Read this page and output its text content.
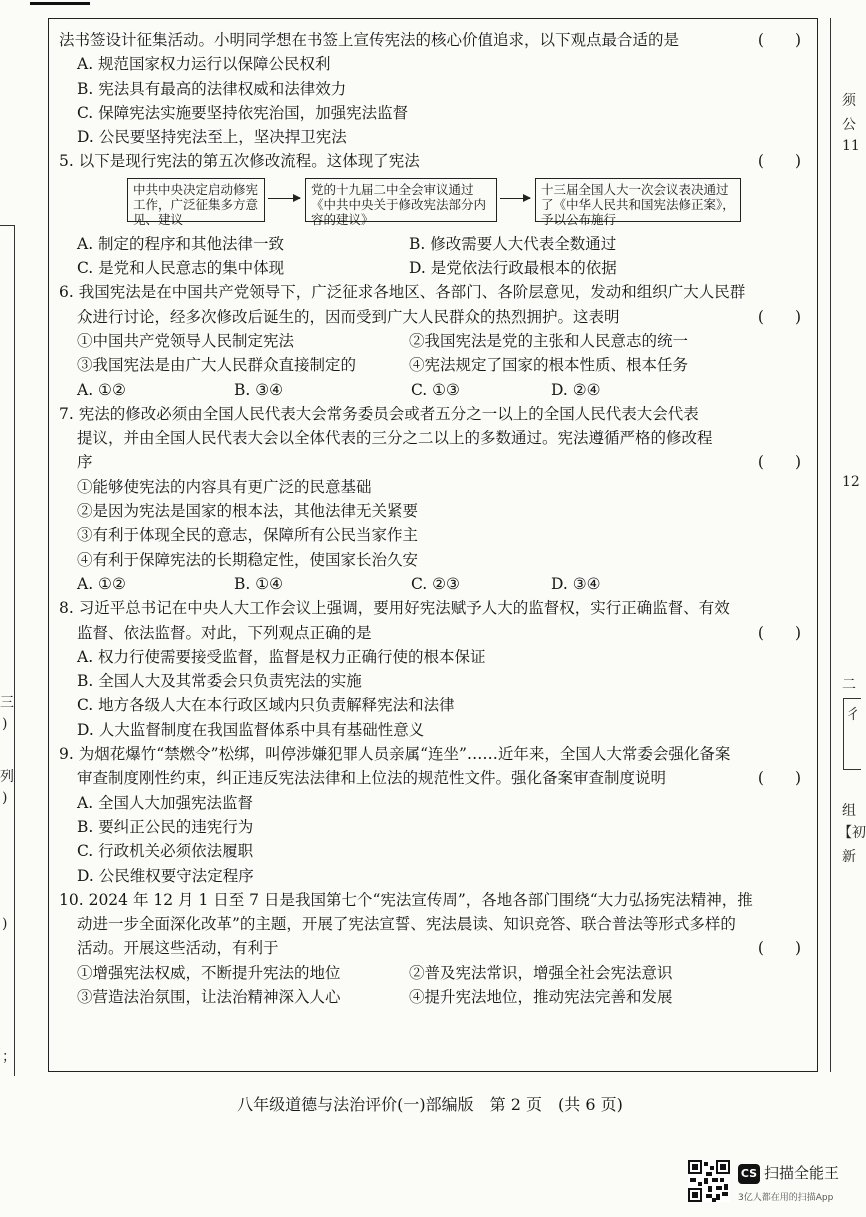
法书签设计征集活动。小明同学想在书签上宣传宪法的核心价值追求，以下观点最合适的是	(　　)
A. 规范国家权力运行以保障公民权利
B. 宪法具有最高的法律权威和法律效力
C. 保障宪法实施要坚持依宪治国，加强宪法监督
D. 公民要坚持宪法至上，坚决捍卫宪法
5. 以下是现行宪法的第五次修改流程。这体现了宪法	(　　)
中共中央决定启动修宪工作，广泛征集多方意见、建议
党的十九届二中全会审议通过《中共中央关于修改宪法部分内容的建议》
十三届全国人大一次会议表决通过了《中华人民共和国宪法修正案》，予以公布施行
A. 制定的程序和其他法律一致	B. 修改需要人大代表全数通过
C. 是党和人民意志的集中体现	D. 是党依法行政最根本的依据
6. 我国宪法是在中国共产党领导下，广泛征求各地区、各部门、各阶层意见，发动和组织广大人民群
众进行讨论，经多次修改后诞生的，因而受到广大人民群众的热烈拥护。这表明	(　　)
①中国共产党领导人民制定宪法	②我国宪法是党的主张和人民意志的统一
③我国宪法是由广大人民群众直接制定的	④宪法规定了国家的根本性质、根本任务
A. ①②	B. ③④	C. ①③	D. ②④
7. 宪法的修改必须由全国人民代表大会常务委员会或者五分之一以上的全国人民代表大会代表
提议，并由全国人民代表大会以全体代表的三分之二以上的多数通过。宪法遵循严格的修改程
序	(　　)
①能够使宪法的内容具有更广泛的民意基础
②是因为宪法是国家的根本法，其他法律无关紧要
③有利于体现全民的意志，保障所有公民当家作主
④有利于保障宪法的长期稳定性，使国家长治久安
A. ①②	B. ①④	C. ②③	D. ③④
8. 习近平总书记在中央人大工作会议上强调，要用好宪法赋予人大的监督权，实行正确监督、有效
监督、依法监督。对此，下列观点正确的是	(　　)
A. 权力行使需要接受监督，监督是权力正确行使的根本保证
B. 全国人大及其常委会只负责宪法的实施
C. 地方各级人大在本行政区域内只负责解释宪法和法律
D. 人大监督制度在我国监督体系中具有基础性意义
9. 为烟花爆竹“禁燃令”松绑，叫停涉嫌犯罪人员亲属“连坐”……近年来，全国人大常委会强化备案
审查制度刚性约束，纠正违反宪法法律和上位法的规范性文件。强化备案审查制度说明	(　　)
A. 全国人大加强宪法监督
B. 要纠正公民的违宪行为
C. 行政机关必须依法履职
D. 公民维权要守法定程序
10. 2024 年 12 月 1 日至 7 日是我国第七个“宪法宣传周”，各地各部门围绕“大力弘扬宪法精神，推
动进一步全面深化改革”的主题，开展了宪法宣誓、宪法晨读、知识竞答、联合普法等形式多样的
活动。开展这些活动，有利于	(　　)
①增强宪法权威，不断提升宪法的地位	②普及宪法常识，增强全社会宪法意识
③营造法治氛围，让法治精神深入人心	④提升宪法地位，推动宪法完善和发展
八年级道德与法治评价(一)部编版　第 2 页　(共 6 页)
须
公
11
12
二
彳
组
【初
新
三
)
列
)
)
；
CS 扫描全能王
3亿人都在用的扫描App
